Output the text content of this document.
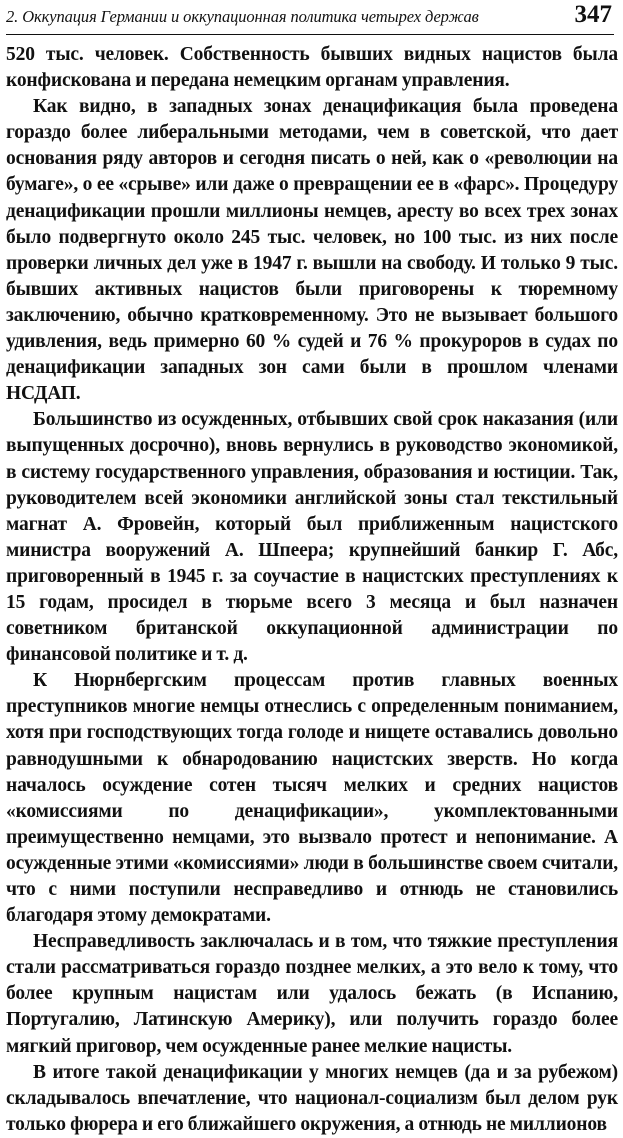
2. Оккупация Германии и оккупационная политика четырех держав	347

520 тыс. человек. Собственность бывших видных нацистов была конфискована и передана немецким органам управления.

Как видно, в западных зонах денацификация была проведена гораздо более либеральными методами, чем в советской, что дает основания ряду авторов и сегодня писать о ней, как о «революции на бумаге», о ее «срыве» или даже о превращении ее в «фарс». Процедуру денацификации прошли миллионы немцев, аресту во всех трех зонах было подвергнуто около 245 тыс. человек, но 100 тыс. из них после проверки личных дел уже в 1947 г. вышли на свободу. И только 9 тыс. бывших активных нацистов были приговорены к тюремному заключению, обычно кратковременному. Это не вызывает большого удивления, ведь примерно 60 % судей и 76 % прокуроров в судах по денацификации западных зон сами были в прошлом членами НСДАП.

Большинство из осужденных, отбывших свой срок наказания (или выпущенных досрочно), вновь вернулись в руководство экономикой, в систему государственного управления, образования и юстиции. Так, руководителем всей экономики английской зоны стал текстильный магнат А. Фровейн, который был приближенным нацистского министра вооружений А. Шпеера; крупнейший банкир Г. Абс, приговоренный в 1945 г. за соучастие в нацистских преступлениях к 15 годам, просидел в тюрьме всего 3 месяца и был назначен советником британской оккупационной администрации по финансовой политике и т. д.

К Нюрнбергским процессам против главных военных преступников многие немцы отнеслись с определенным пониманием, хотя при господствующих тогда голоде и нищете оставались довольно равнодушными к обнародованию нацистских зверств. Но когда началось осуждение сотен тысяч мелких и средних нацистов «комиссиями по денацификации», укомплектованными преимущественно немцами, это вызвало протест и непонимание. А осужденные этими «комиссиями» люди в большинстве своем считали, что с ними поступили несправедливо и отнюдь не становились благодаря этому демократами.

Несправедливость заключалась и в том, что тяжкие преступления стали рассматриваться гораздо позднее мелких, а это вело к тому, что более крупным нацистам или удалось бежать (в Испанию, Португалию, Латинскую Америку), или получить гораздо более мягкий приговор, чем осужденные ранее мелкие нацисты.

В итоге такой денацификации у многих немцев (да и за рубежом) складывалось впечатление, что национал-социализм был делом рук только фюрера и его ближайшего окружения, а отнюдь не миллионов
